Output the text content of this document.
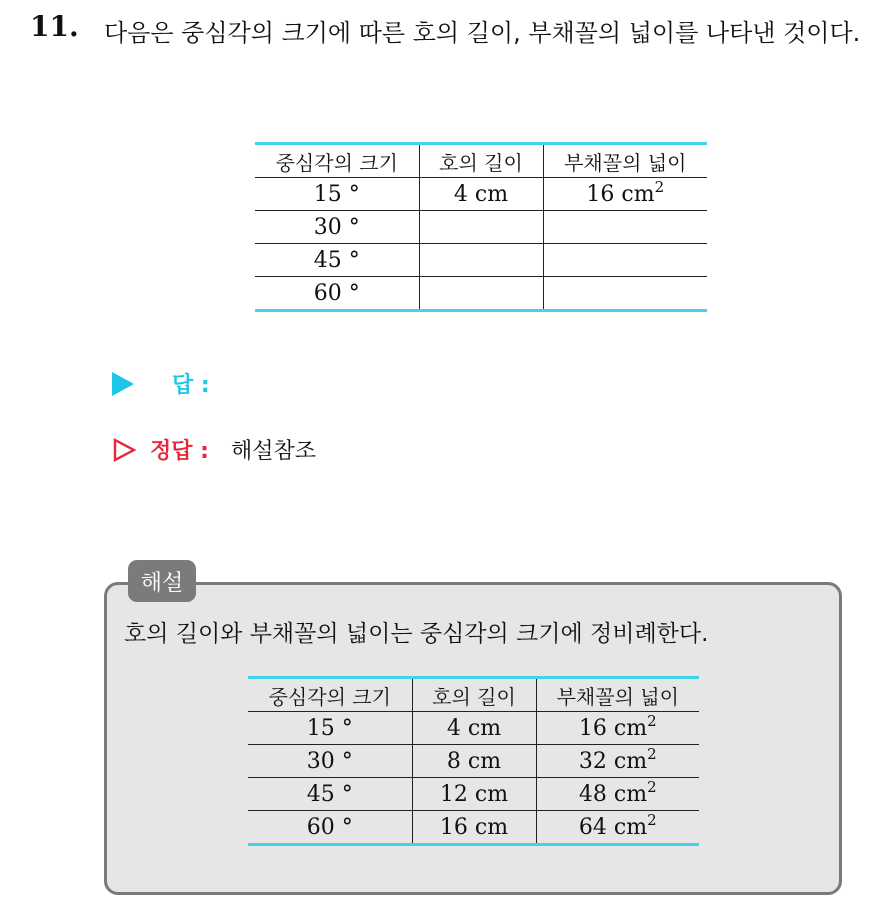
11. 다음은 중심각의 크기에 따른 호의 길이, 부채꼴의 넓이를 나타낸 것이다.
중심각의 크기	호의 길이	부채꼴의 넓이
15 °	4 cm	16 $cm^2$
30 °		
45 °		
60 °		
답 :
정답 : 해설참조
해설
호의 길이와 부채꼴의 넓이는 중심각의 크기에 정비례한다.
중심각의 크기	호의 길이	부채꼴의 넓이
15 °	4 cm	16 $cm^2$
30 °	8 cm	32 $cm^2$
45 °	12 cm	48 $cm^2$
60 °	16 cm	64 $cm^2$
